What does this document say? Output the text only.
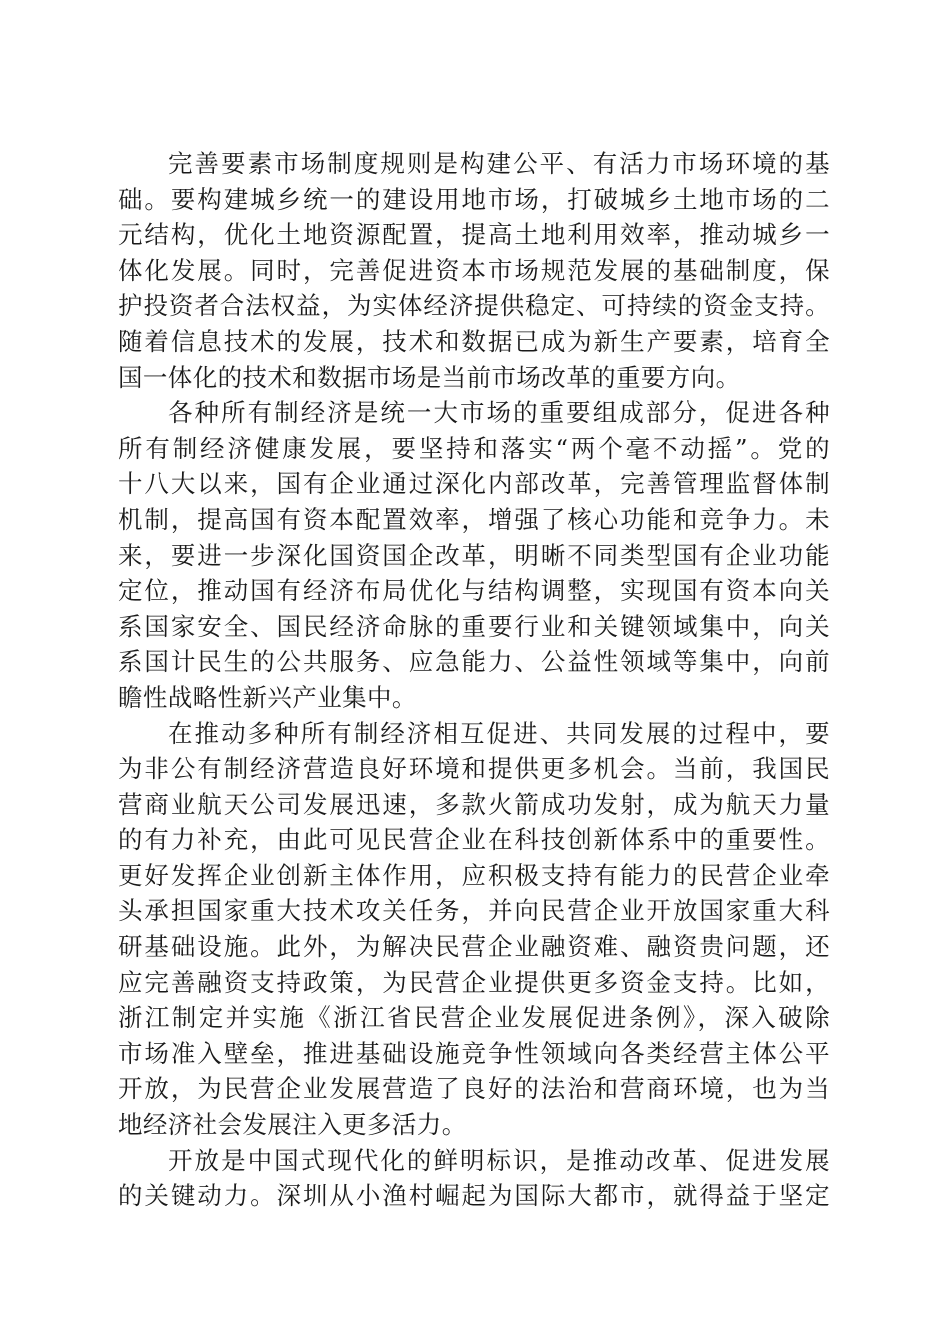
完善要素市场制度规则是构建公平、有活力市场环境的基
础。要构建城乡统一的建设用地市场，打破城乡土地市场的二
元结构，优化土地资源配置，提高土地利用效率，推动城乡一
体化发展。同时，完善促进资本市场规范发展的基础制度，保
护投资者合法权益，为实体经济提供稳定、可持续的资金支持。
随着信息技术的发展，技术和数据已成为新生产要素，培育全
国一体化的技术和数据市场是当前市场改革的重要方向。
各种所有制经济是统一大市场的重要组成部分，促进各种
所有制经济健康发展，要坚持和落实“两个毫不动摇”。党的
十八大以来，国有企业通过深化内部改革，完善管理监督体制
机制，提高国有资本配置效率，增强了核心功能和竞争力。未
来，要进一步深化国资国企改革，明晰不同类型国有企业功能
定位，推动国有经济布局优化与结构调整，实现国有资本向关
系国家安全、国民经济命脉的重要行业和关键领域集中，向关
系国计民生的公共服务、应急能力、公益性领域等集中，向前
瞻性战略性新兴产业集中。
在推动多种所有制经济相互促进、共同发展的过程中，要
为非公有制经济营造良好环境和提供更多机会。当前，我国民
营商业航天公司发展迅速，多款火箭成功发射，成为航天力量
的有力补充，由此可见民营企业在科技创新体系中的重要性。
更好发挥企业创新主体作用，应积极支持有能力的民营企业牵
头承担国家重大技术攻关任务，并向民营企业开放国家重大科
研基础设施。此外，为解决民营企业融资难、融资贵问题，还
应完善融资支持政策，为民营企业提供更多资金支持。比如，
浙江制定并实施《浙江省民营企业发展促进条例》，深入破除
市场准入壁垒，推进基础设施竞争性领域向各类经营主体公平
开放，为民营企业发展营造了良好的法治和营商环境，也为当
地经济社会发展注入更多活力。
开放是中国式现代化的鲜明标识，是推动改革、促进发展
的关键动力。深圳从小渔村崛起为国际大都市，就得益于坚定
